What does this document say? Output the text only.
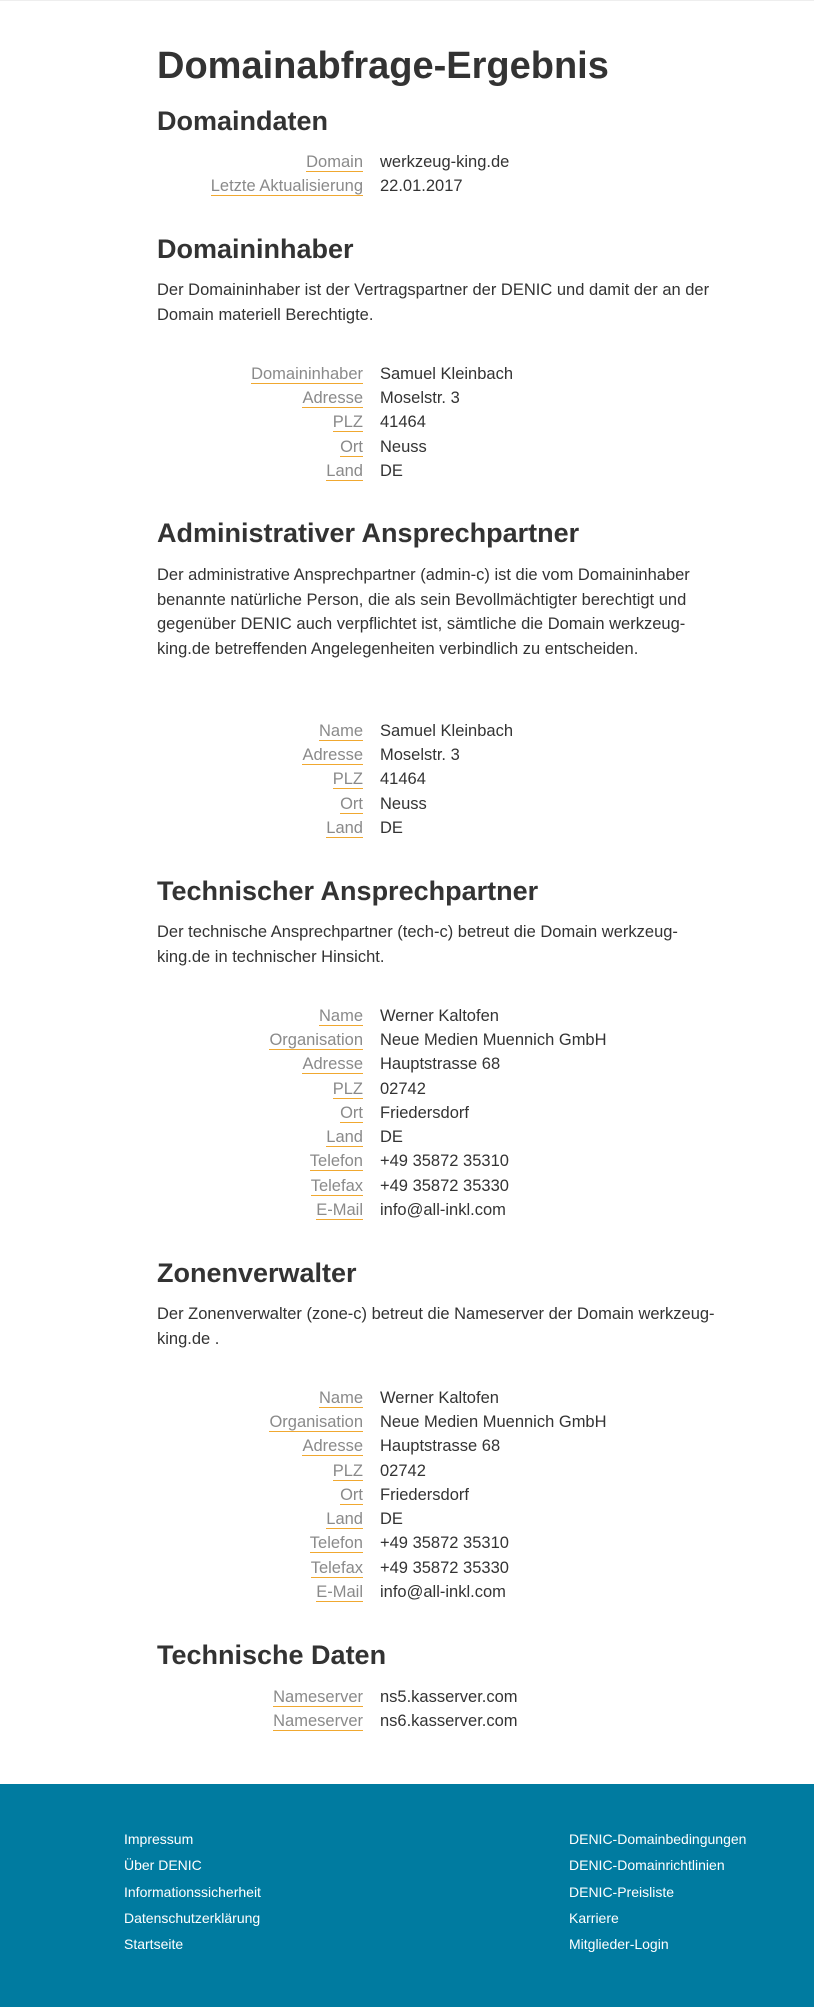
Domainabfrage-Ergebnis
Domaindaten
Domain	werkzeug-king.de
Letzte Aktualisierung	22.01.2017
Domaininhaber

Der Domaininhaber ist der Vertragspartner der DENIC und damit der an der Domain materiell Berechtigte.

Domaininhaber	Samuel Kleinbach
Adresse	Moselstr. 3
PLZ	41464
Ort	Neuss
Land	DE
Administrativer Ansprechpartner

Der administrative Ansprechpartner (admin-c) ist die vom Domaininhaber benannte natürliche Person, die als sein Bevollmächtigter berechtigt und gegenüber DENIC auch verpflichtet ist, sämtliche die Domain werkzeug-king.de betreffenden Angelegenheiten verbindlich zu entscheiden.

Name	Samuel Kleinbach
Adresse	Moselstr. 3
PLZ	41464
Ort	Neuss
Land	DE
Technischer Ansprechpartner

Der technische Ansprechpartner (tech-c) betreut die Domain werkzeug-king.de in technischer Hinsicht.

Name	Werner Kaltofen
Organisation	Neue Medien Muennich GmbH
Adresse	Hauptstrasse 68
PLZ	02742
Ort	Friedersdorf
Land	DE
Telefon	+49 35872 35310
Telefax	+49 35872 35330
E-Mail	info@all-inkl.com
Zonenverwalter

Der Zonenverwalter (zone-c) betreut die Nameserver der Domain werkzeug-king.de .

Name	Werner Kaltofen
Organisation	Neue Medien Muennich GmbH
Adresse	Hauptstrasse 68
PLZ	02742
Ort	Friedersdorf
Land	DE
Telefon	+49 35872 35310
Telefax	+49 35872 35330
E-Mail	info@all-inkl.com
Technische Daten
Nameserver	ns5.kasserver.com
Nameserver	ns6.kasserver.com
Impressum
Über DENIC
Informationssicherheit
Datenschutzerklärung
Startseite
DENIC-Domainbedingungen
DENIC-Domainrichtlinien
DENIC-Preisliste
Karriere
Mitglieder-Login
